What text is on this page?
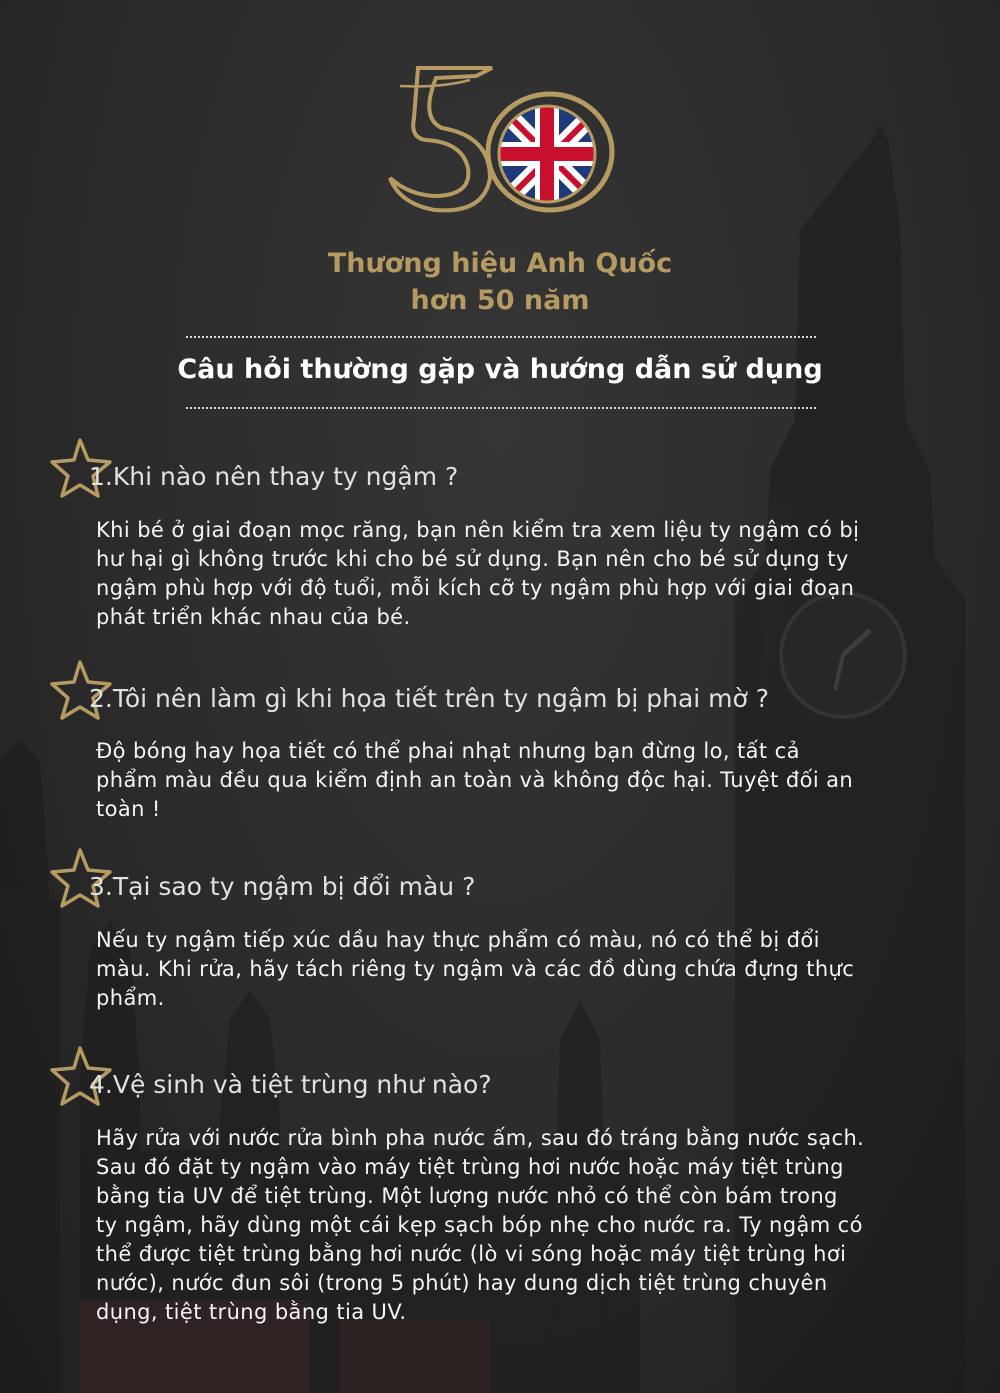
Thương hiệu Anh Quốc
hơn 50 năm
Câu hỏi thường gặp và hướng dẫn sử dụng
1.Khi nào nên thay ty ngậm ?
Khi bé ở giai đoạn mọc răng, bạn nên kiểm tra xem liệu ty ngậm có bị
hư hại gì không trước khi cho bé sử dụng. Bạn nên cho bé sử dụng ty
ngậm phù hợp với độ tuổi, mỗi kích cỡ ty ngậm phù hợp với giai đoạn
phát triển khác nhau của bé.
2.Tôi nên làm gì khi họa tiết trên ty ngậm bị phai mờ ?
Độ bóng hay họa tiết có thể phai nhạt nhưng bạn đừng lo, tất cả
phẩm màu đều qua kiểm định an toàn và không độc hại. Tuyệt đối an
toàn !
3.Tại sao ty ngậm bị đổi màu ?
Nếu ty ngậm tiếp xúc dầu hay thực phẩm có màu, nó có thể bị đổi
màu. Khi rửa, hãy tách riêng ty ngậm và các đồ dùng chứa đựng thực
phẩm.
4.Vệ sinh và tiệt trùng như nào?
Hãy rửa với nước rửa bình pha nước ấm, sau đó tráng bằng nước sạch.
Sau đó đặt ty ngậm vào máy tiệt trùng hơi nước hoặc máy tiệt trùng
bằng tia UV để tiệt trùng. Một lượng nước nhỏ có thể còn bám trong
ty ngậm, hãy dùng một cái kẹp sạch bóp nhẹ cho nước ra. Ty ngậm có
thể được tiệt trùng bằng hơi nước (lò vi sóng hoặc máy tiệt trùng hơi
nước), nước đun sôi (trong 5 phút) hay dung dịch tiệt trùng chuyên
dụng, tiệt trùng bằng tia UV.
